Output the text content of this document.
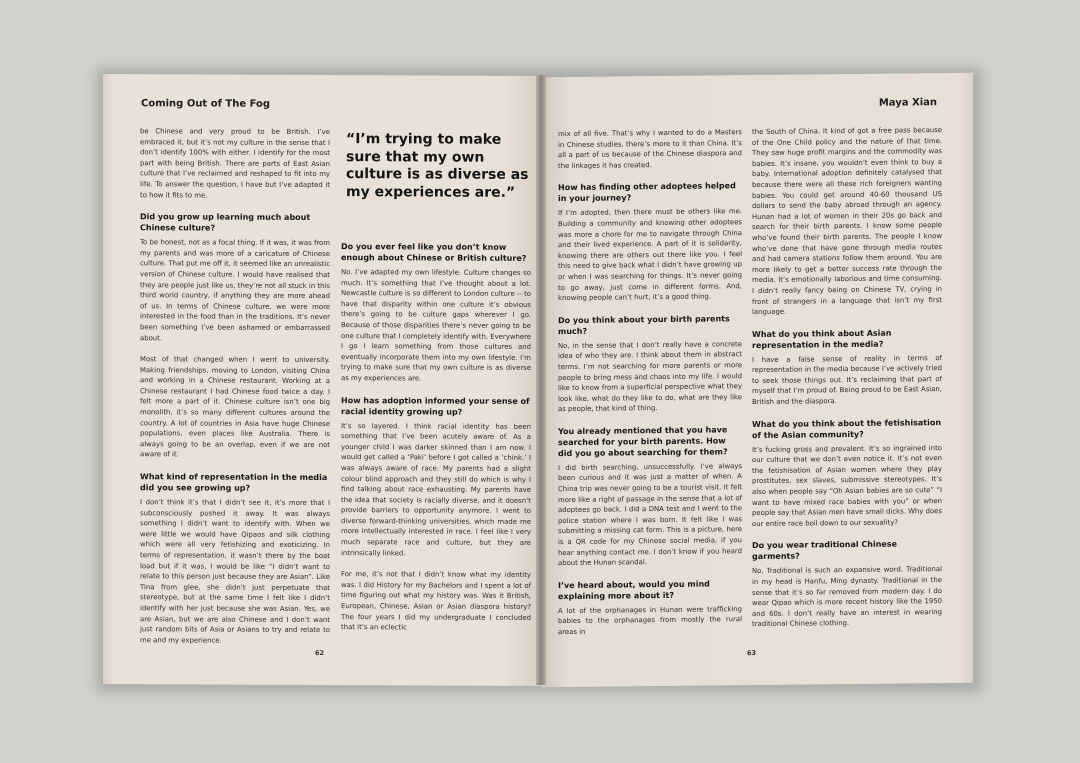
Coming Out of The Fog

be Chinese and very proud to be British. I’ve embraced it, but it’s not my culture in the sense that I don’t identify 100% with either. I identify for the most part with being British. There are parts of East Asian culture that I’ve reclaimed and reshaped to fit into my life. To answer the question, I have but I’ve adapted it to how it fits to me.

Did you grow up learning much about Chinese culture?

To be honest, not as a focal thing. If it was, it was from my parents and was more of a caricature of Chinese culture. That put me off it, it seemed like an unrealistic version of Chinese culture. I would have realised that they are people just like us, they’re not all stuck in this third world country, if anything they are more ahead of us. In terms of Chinese culture, we were more interested in the food than in the traditions. It’s never been something I’ve been ashamed or embarrassed about.

Most of that changed when I went to university. Making friendships, moving to London, visiting China and working in a Chinese restaurant. Working at a Chinese restaurant I had Chinese food twice a day. I felt more a part of it. Chinese culture isn’t one big monolith, it’s so many different cultures around the country. A lot of countries in Asia have huge Chinese populations, even places like Australia. There is always going to be an overlap, even if we are not aware of it.

What kind of representation in the media did you see growing up?

I don’t think it’s that I didn’t see it, it’s more that I subconsciously pushed it away. It was always something I didn’t want to identify with. When we were little we would have Qipaos and silk clothing which were all very fetishizing and exoticizing. In terms of representation, it wasn’t there by the boat load but if it was, I would be like “I didn’t want to relate to this person just because they are Asian”. Like Tina from glee, she didn’t just perpetuate that stereotype, but at the same time I felt like I didn’t identify with her just because she was Asian. Yes, we are Asian, but we are also Chinese and I don’t want just random bits of Asia or Asians to try and relate to me and my experience.

“I’m trying to make sure that my own culture is as diverse as my experiences are.”
Do you ever feel like you don’t know enough about Chinese or British culture?

No. I’ve adapted my own lifestyle. Culture changes so much. It’s something that I’ve thought about a lot. Newcastle culture is so different to London culture -- to have that disparity within one culture it’s obvious there’s going to be culture gaps wherever I go. Because of those disparities there’s never going to be one culture that I completely identify with. Everywhere I go I learn something from those cultures and eventually incorporate them into my own lifestyle. I’m trying to make sure that my own culture is as diverse as my experiences are.

How has adoption informed your sense of racial identity growing up?

It’s so layered. I think racial identity has been something that I’ve been acutely aware of. As a younger child I was darker skinned than I am now. I would get called a ‘Paki’ before I got called a ‘chink.’ I was always aware of race. My parents had a slight colour blind approach and they still do which is why I find talking about race exhausting. My parents have the idea that society is racially diverse, and it doesn’t provide barriers to opportunity anymore. I went to diverse forward-thinking universities, which made me more intellectually interested in race. I feel like I very much separate race and culture, but they are intrinsically linked.

For me, it’s not that I didn’t know what my identity was. I did History for my Bachelors and I spent a lot of time figuring out what my history was. Was it British, European, Chinese, Asian or Asian diaspora history? The four years I did my undergraduate I concluded that it’s an eclectic

62
Maya Xian

mix of all five. That’s why I wanted to do a Masters in Chinese studies, there’s more to it than China. It’s all a part of us because of the Chinese diaspora and the linkages it has created.

How has finding other adoptees helped in your journey?

If I’m adopted, then there must be others like me. Building a community and knowing other adoptees was more a chore for me to navigate through China and their lived experience. A part of it is solidarity, knowing there are others out there like you. I feel this need to give back what I didn’t have growing up or when I was searching for things. It’s never going to go away, just come in different forms. And, knowing people can’t hurt, it’s a good thing.

Do you think about your birth parents much?

No, in the sense that I don’t really have a concrete idea of who they are. I think about them in abstract terms. I’m not searching for more parents or more people to bring mess and chaos into my life. I would like to know from a superficial perspective what they look like, what do they like to do, what are they like as people, that kind of thing.

You already mentioned that you have searched for your birth parents. How did you go about searching for them?

I did birth searching, unsuccessfully. I’ve always been curious and it was just a matter of when. A China trip was never going to be a tourist visit. It felt more like a right of passage in the sense that a lot of adoptees go back. I did a DNA test and I went to the police station where I was born. It felt like I was submitting a missing cat form. This is a picture, here is a QR code for my Chinese social media, if you hear anything contact me. I don’t know if you heard about the Hunan scandal.

I’ve heard about, would you mind explaining more about it?

A lot of the orphanages in Hunan were trafficking babies to the orphanages from mostly the rural areas in

the South of China. It kind of got a free pass because of the One Child policy and the nature of that time. They saw huge profit margins and the commodity was babies. It’s insane, you wouldn’t even think to buy a baby. International adoption definitely catalysed that because there were all these rich foreigners wanting babies. You could get around 40-60 thousand US dollars to send the baby abroad through an agency. Hunan had a lot of women in their 20s go back and search for their birth parents. I know some people who’ve found their birth parents. The people I know who’ve done that have gone through media routes and had camera stations follow them around. You are more likely to get a better success rate through the media. It’s emotionally laborious and time consuming. I didn’t really fancy being on Chinese TV, crying in front of strangers in a language that isn’t my first language.

What do you think about Asian representation in the media?

I have a false sense of reality in terms of representation in the media because I’ve actively tried to seek those things out. It’s reclaiming that part of myself that I’m proud of. Being proud to be East Asian, British and the diaspora.

What do you think about the fetishisation of the Asian community?

It’s fucking gross and prevalent. It’s so ingrained into our culture that we don’t even notice it. It’s not even the fetishisation of Asian women where they play prostitutes, sex slaves, submissive stereotypes. It’s also when people say “Oh Asian babies are so cute” “I want to have mixed race babies with you” or when people say that Asian men have small dicks. Why does our entire race boil down to our sexuality?

Do you wear traditional Chinese garments?

No. Traditional is such an expansive word. Traditional in my head is Hanfu, Ming dynasty. Traditional in the sense that it’s so far removed from modern day. I do wear Qipao which is more recent history like the 1950 and 60s. I don’t really have an interest in wearing traditional Chinese clothing.

63
